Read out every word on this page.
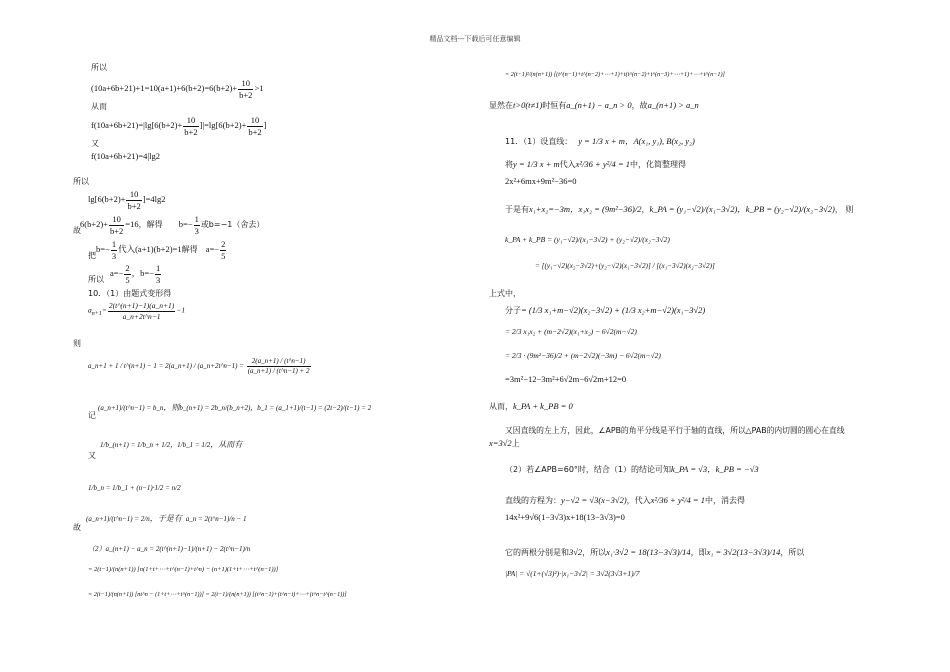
精品文档---下载后可任意编辑
所以
$(10a+6b+21)+1=10(a+1)+6(b+2)=6(b+2)+ \frac{10}{b+2} >1$
从而
$f(10a+6b+21)=|\lg[6(b+2)+ \frac{10}{b+2} ]|=\lg[6(b+2)+ \frac{10}{b+2}$ ]
又
f(10a+6b+21)=4|lg2
所以
$\lg[6(b+2)+ \frac{10}{b+2} ]=4\lg 2$
故
$6(b+2)+ \frac{10}{b+2} =16$，解得 $b=- \frac{1}{3}$ 或b=−1（舍去）
把
$b=- \frac{1}{3}$ 代入(a+1)(b+2)=1解得 $a=- \frac{2}{5}$
所以
$a=- \frac{2}{5}$ ，$b=- \frac{1}{3}$
10．（1）由题式变形得
$a_{n+1}= \frac{2(t\^{}(n+1)-1)(a\_n+1)}{a\_n+2t\^{}n-1} -1$
则
a_n+1 + 1 / t^(n+1) − 1 = 2(a_n+1) / (a_n+2t^n−1) = $\frac{2(a\_n+1) / (t\^{}n-1)}{(a\_n+1) / (t\^{}n-1) + 2}$
记
(a_n+1)/(t^n−1) = b_n，则b_(n+1) = 2b_n/(b_n+2)，b_1 = (a_1+1)/(t−1) = (2t−2)/(t−1) = 2
又
1/b_(n+1) = 1/b_n + 1/2，1/b_1 = 1/2，从而有
1/b_n = 1/b_1 + (n−1)·1/2 = n/2
故
(a_n+1)/(t^n−1) = 2/n，于是有 a_n = 2(t^n−1)/n − 1
（2）a_(n+1) − a_n = 2(t^(n+1)−1)/(n+1) − 2(t^n−1)/n
= 2(t−1)/(n(n+1)) [n(1+t+⋯+t^(n−1)+t^n) − (n+1)(1+t+⋯+t^(n−1))]
= 2(t−1)/(n(n+1)) [nt^n − (1+t+⋯+t^(n−1))] = 2(t−1)/(n(n+1)) [(t^n−1)+(t^n−t)+⋯+(t^n−t^(n−1))]
= 2(t−1)²/(n(n+1)) [(t^(n−1)+t^(n−2)+⋯+1)+t(t^(n−2)+t^(n−3)+⋯+1)+⋯+t^(n−1)]
显然在t>0(t≠1)时恒有a_(n+1) − a_n > 0，故a_(n+1) > a_n
11．（1）设直线： y = 1/3 x + m，A(x₁, y₁), B(x₂, y₂)
将y = 1/3 x + m代入x²/36 + y²/4 = 1中，化简整理得
2x²+6mx+9m²−36=0
于是有x₁+x₂=−3m，x₁x₂ = (9m²−36)/2，k_PA = (y₁−√2)/(x₁−3√2)，k_PB = (y₂−√2)/(x₂−3√2)， 则
k_PA + k_PB = (y₁−√2)/(x₁−3√2) + (y₂−√2)/(x₂−3√2)
= [(y₁−√2)(x₂−3√2)+(y₂−√2)(x₁−3√2)] / [(x₁−3√2)(x₂−3√2)]
上式中，
分子= (1/3 x₁+m−√2)(x₂−3√2) + (1/3 x₂+m−√2)(x₁−3√2)
= 2/3 x₁x₂ + (m−2√2)(x₁+x₂) − 6√2(m−√2)
= 2/3 · (9m²−36)/2 + (m−2√2)(−3m) − 6√2(m−√2)
=3m²−12−3m²+6√2m−6√2m+12=0
从而，k_PA + k_PB = 0
又因直线的左上方，因此，∠APB的角平分线是平行于轴的直线，所以△PAB的内切圆的圆心在直线
x=3√2上
（2）若∠APB=60°时，结合（1）的结论可知k_PA = √3，k_PB = −√3
直线的方程为：y−√2 = √3(x−3√2)，代入x²/36 + y²/4 = 1中，消去得
14x²+9√6(1−3√3)x+18(13−3√3)=0
它的两根分别是和3√2，所以x₁·3√2 = 18(13−3√3)/14，即x₁ = 3√2(13−3√3)/14，所以
|PA| = √(1+(√3)²)·|x₁−3√2| = 3√2(3√3+1)/7
